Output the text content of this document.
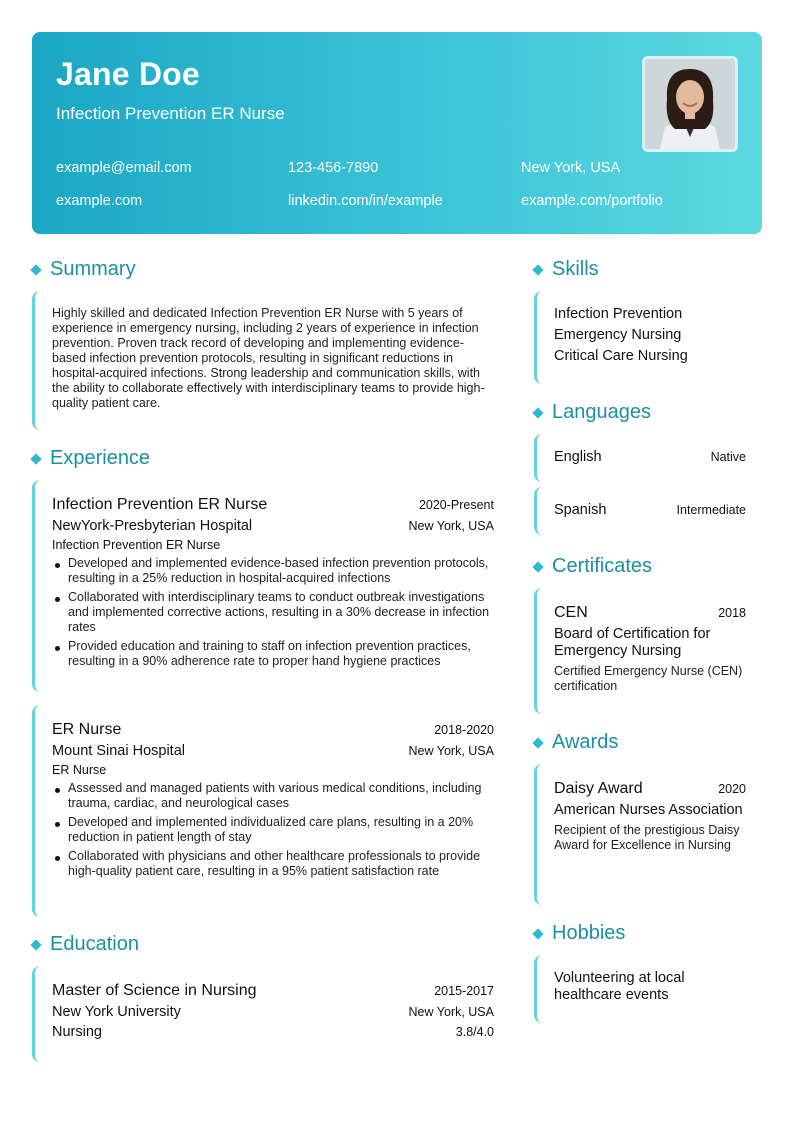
Jane Doe
Infection Prevention ER Nurse
example@email.com	123-456-7890	New York, USA
example.com	linkedin.com/in/example	example.com/portfolio
Summary
Highly skilled and dedicated Infection Prevention ER Nurse with 5 years of experience in emergency nursing, including 2 years of experience in infection prevention. Proven track record of developing and implementing evidence-based infection prevention protocols, resulting in significant reductions in hospital-acquired infections. Strong leadership and communication skills, with the ability to collaborate effectively with interdisciplinary teams to provide high-quality patient care.
Experience
Infection Prevention ER Nurse	2020-Present
NewYork-Presbyterian Hospital	New York, USA
Infection Prevention ER Nurse
Developed and implemented evidence-based infection prevention protocols, resulting in a 25% reduction in hospital-acquired infections
Collaborated with interdisciplinary teams to conduct outbreak investigations and implemented corrective actions, resulting in a 30% decrease in infection rates
Provided education and training to staff on infection prevention practices, resulting in a 90% adherence rate to proper hand hygiene practices
ER Nurse	2018-2020
Mount Sinai Hospital	New York, USA
ER Nurse
Assessed and managed patients with various medical conditions, including trauma, cardiac, and neurological cases
Developed and implemented individualized care plans, resulting in a 20% reduction in patient length of stay
Collaborated with physicians and other healthcare professionals to provide high-quality patient care, resulting in a 95% patient satisfaction rate
Education
Master of Science in Nursing	2015-2017
New York University	New York, USA
Nursing	3.8/4.0
Skills
Infection Prevention
Emergency Nursing
Critical Care Nursing
Languages
English	Native
Spanish	Intermediate
Certificates
CEN	2018
Board of Certification for Emergency Nursing
Certified Emergency Nurse (CEN) certification
Awards
Daisy Award	2020
American Nurses Association
Recipient of the prestigious Daisy Award for Excellence in Nursing
Hobbies
Volunteering at local healthcare events
